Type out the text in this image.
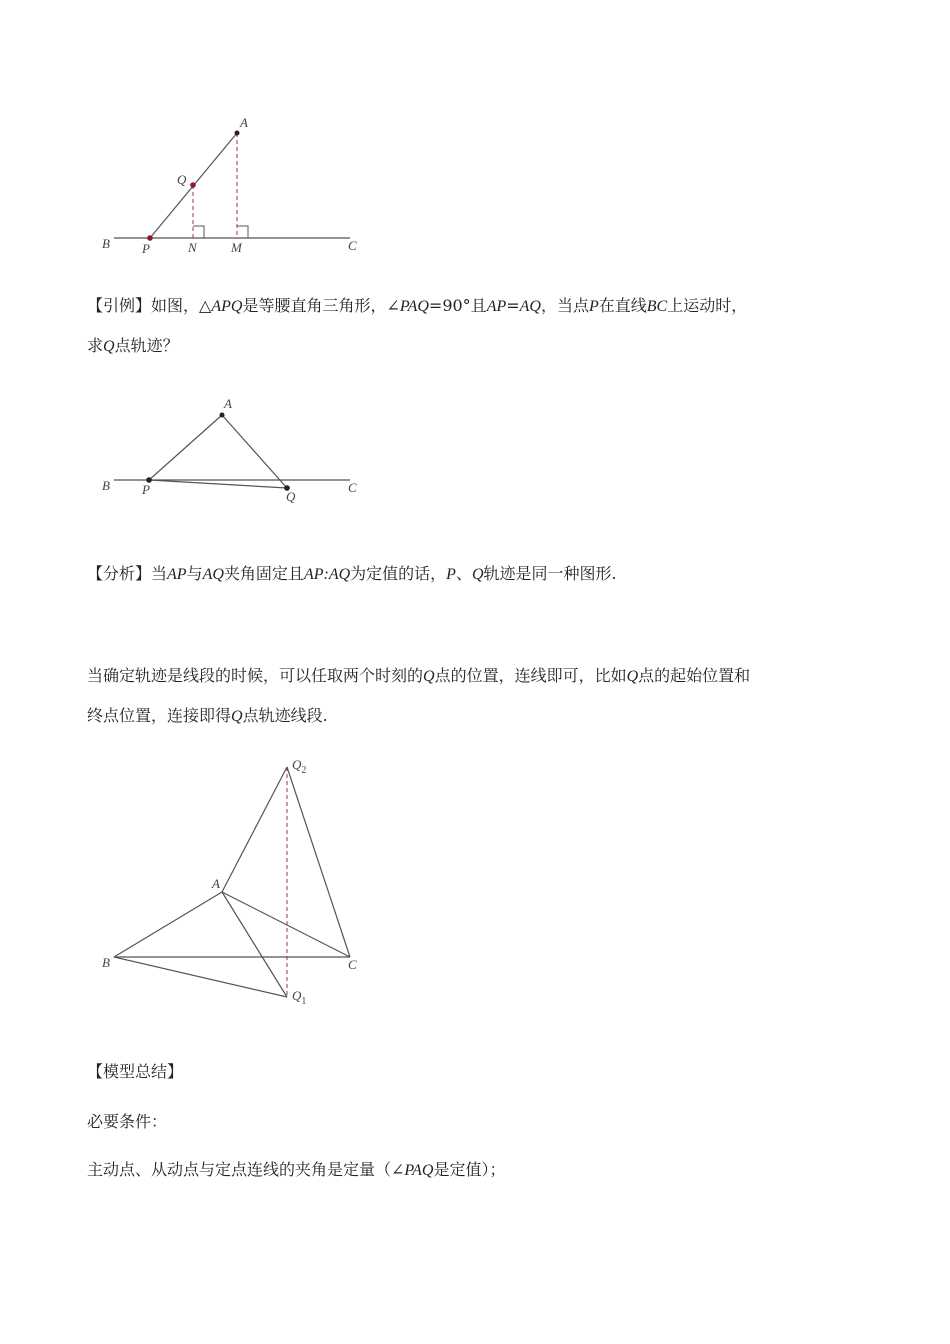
A
Q
B P	N	M	C

【引例】如图，△APQ是等腰直角三角形，∠PAQ=90°且AP=AQ，当点P在直线BC上运动时，

求Q点轨迹？

A
B P	Q
C

【分析】当AP与AQ夹角固定且AP:AQ为定值的话，P、Q轨迹是同一种图形.

当确定轨迹是线段的时候，可以任取两个时刻的Q点的位置，连线即可，比如Q点的起始位置和

终点位置，连接即得Q点轨迹线段.

$Q_2$
A
B	C
$Q_1$

【模型总结】

必要条件：

主动点、从动点与定点连线的夹角是定量（∠PAQ是定值）；
